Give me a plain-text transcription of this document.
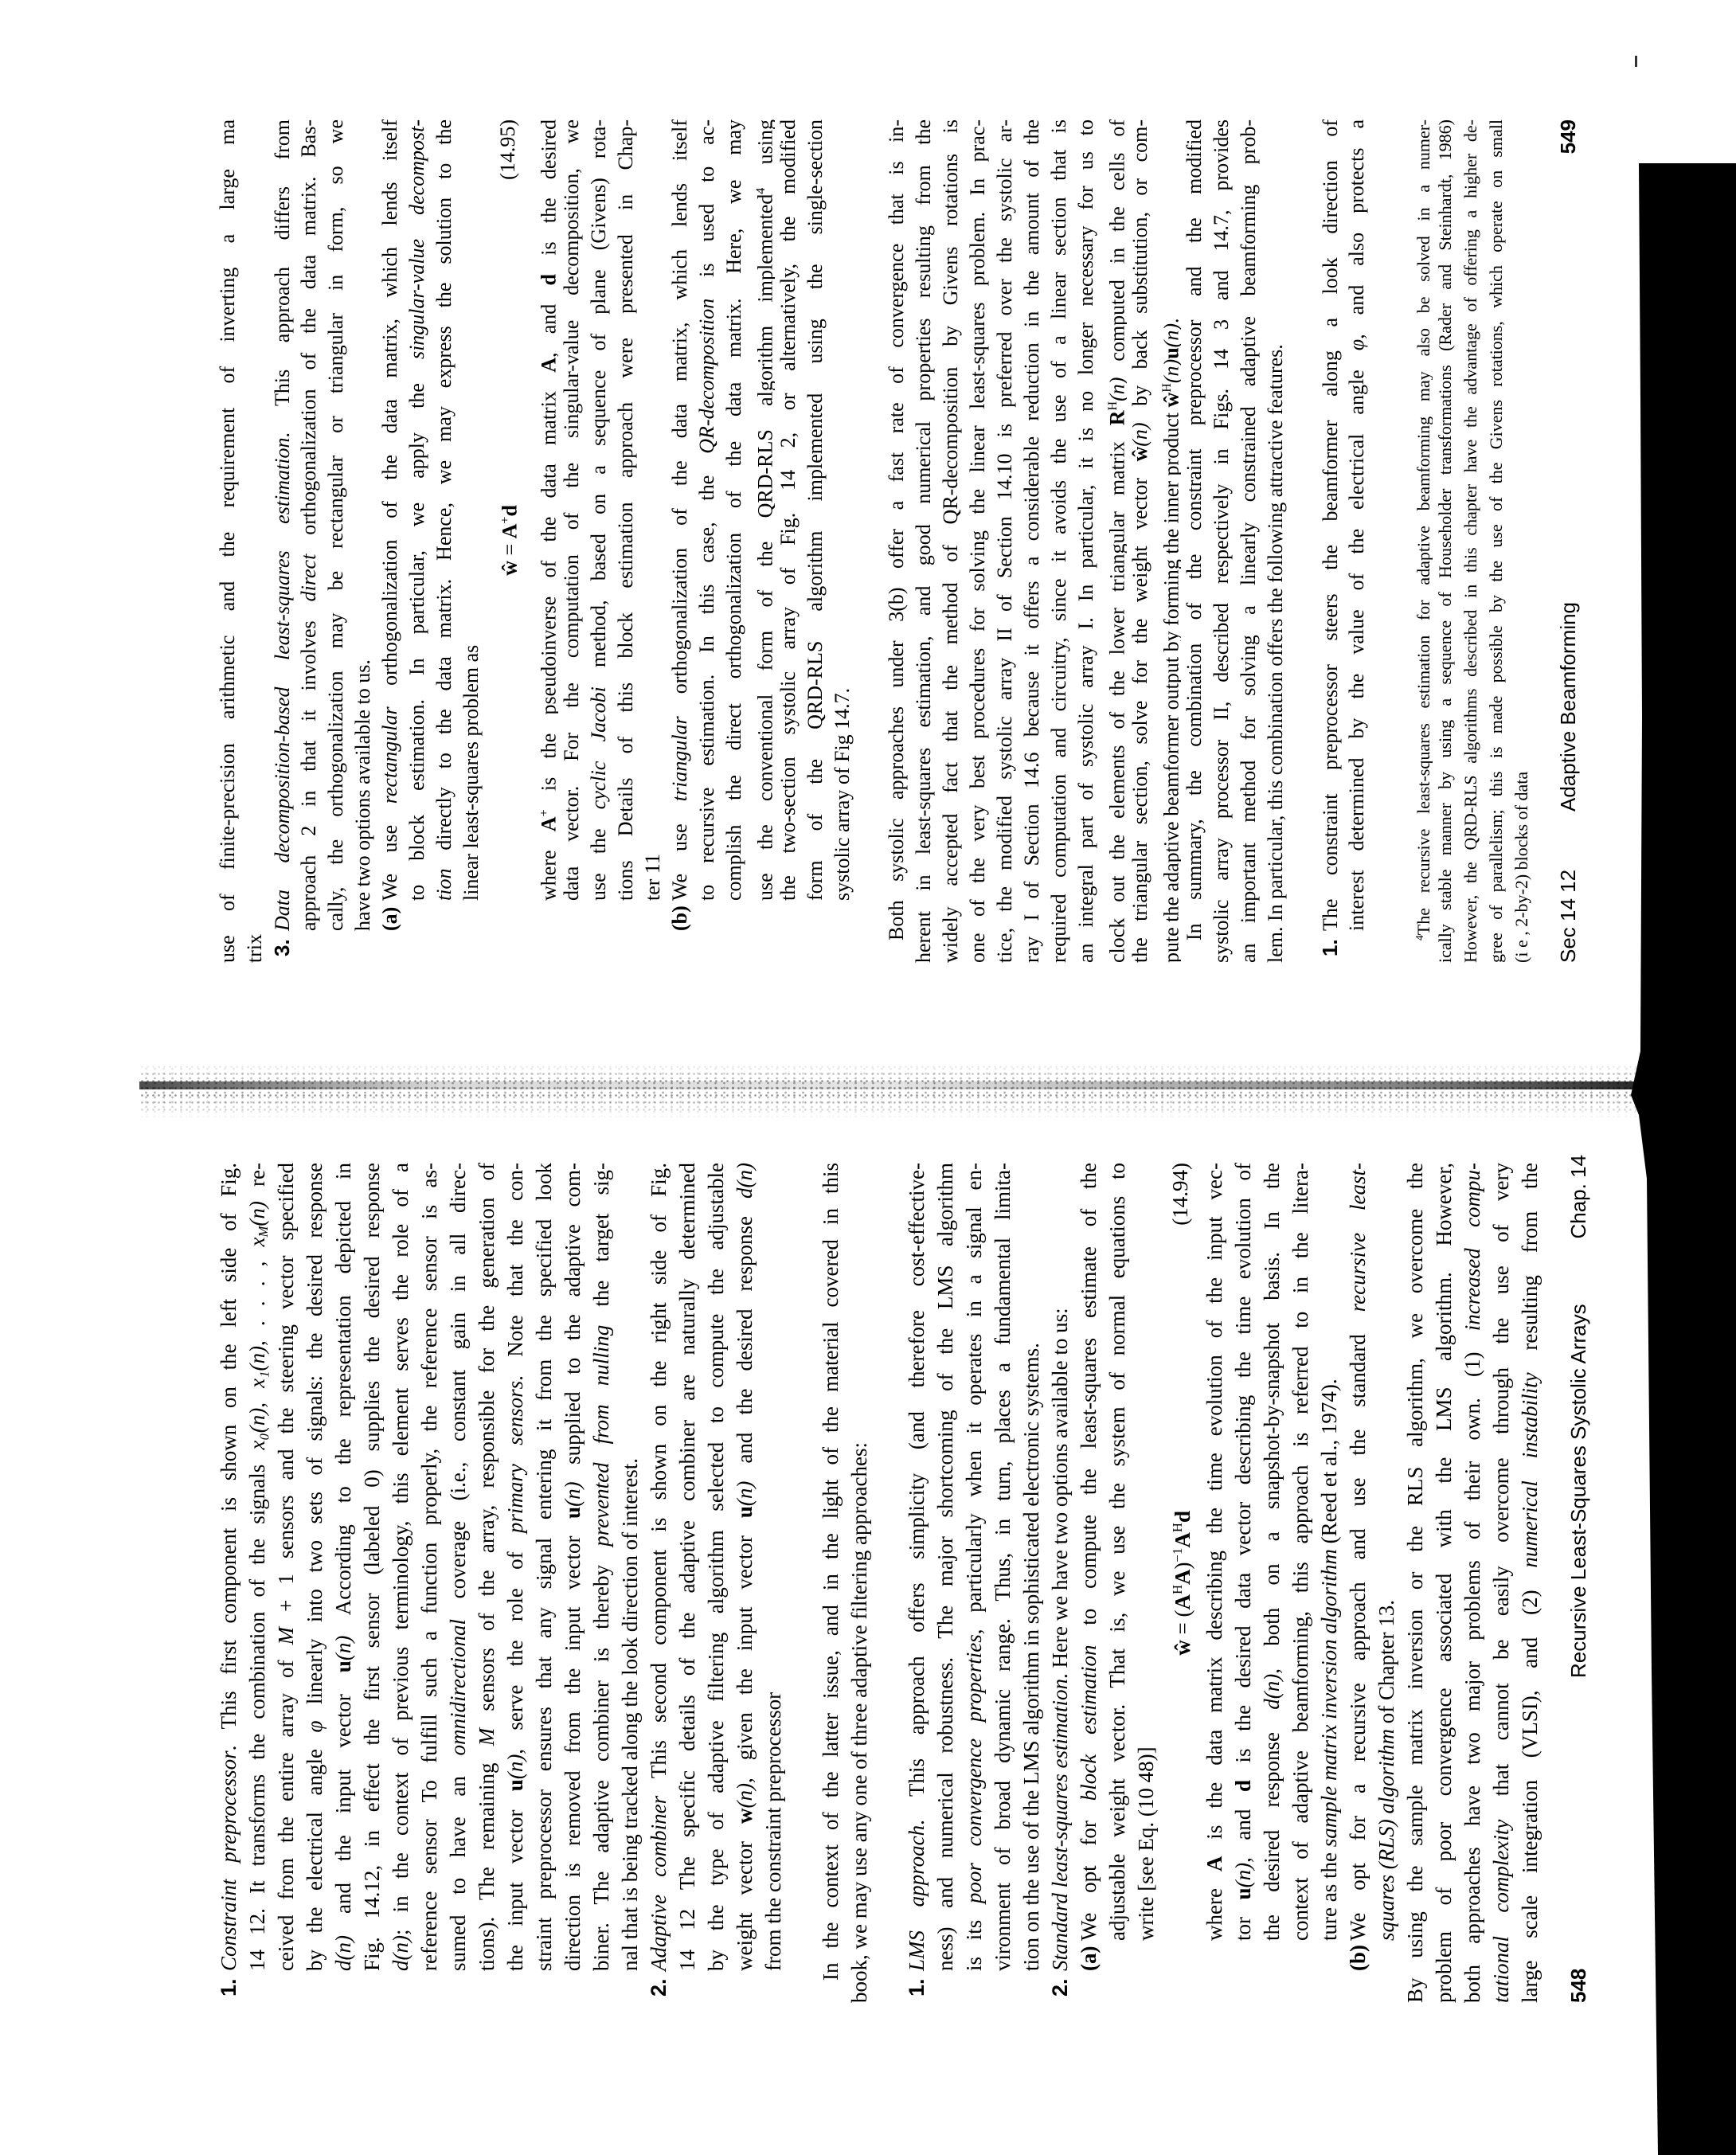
use of finite-precision arithmetic and the requirement of inverting a large ma trix 3.Data decomposition-based least-squares estimation. This approach differs from
approach 2 in that it involves direct orthogonalization of the data matrix. Bas- cally, the orthogonalization may be rectangular or triangular in form, so we have two options available to us. (a)We use rectangular orthogonalization of the data matrix, which lends itself to block estimation. In particular, we apply the singular-value decompost-
tion directly to the data matrix. Hence, we may express the solution to the linear least-squares problem as
ŵ = A+d
(14.95)
where A+ is the pseudoinverse of the data matrix A, and d is the desired data vector. For the computation of the singular-value decomposition, we use the cyclic Jacobi method, based on a sequence of plane (Givens) rota- tions Details of this block estimation approach were presented in Chap- ter 11
(b)We use triangular orthogonalization of the data matrix, which lends itself to recursive estimation. In this case, the QR-decomposition is used to ac- complish the direct orthogonalization of the data matrix. Here, we may use the conventional form of the QRD-RLS algorithm implemented4 using the two-section systolic array of Fig. 14 2, or alternatively, the modified form of the QRD-RLS algorithm implemented using the single-section systolic array of Fig 14.7. Both systolic approaches under 3(b) offer a fast rate of convergence that is in- herent in least-squares estimation, and good numerical properties resulting from the widely accepted fact that the method of QR-decomposition by Givens rotations is one of the very best procedures for solving the linear least-squares problem. In prac- tice, the modified systolic array II of Section 14.10 is preferred over the systolic ar- ray I of Section 14.6 because it offers a considerable reduction in the amount of the required computation and circuitry, since it avoids the use of a linear section that is an integral part of systolic array I. In particular, it is no longer necessary for us to clock out the elements of the lower triangular matrix RH(n) computed in the cells of
the triangular section, solve for the weight vector ŵ(n) by back substitution, or com-
pute the adaptive beamformer output by forming the inner product ŵH(n)u(n). In summary, the combination of the constraint preprocessor and the modified systolic array processor II, described respectively in Figs. 14 3 and 14.7, provides an important method for solving a linearly constrained adaptive beamforming prob- lem. In particular, this combination offers the following attractive features. 1.The constraint preprocessor steers the beamformer along a look direction of interest determined by the value of the electrical angle φ, and also protects a
4The recursive least-squares estimation for adaptive beamforming may also be solved in a numer- ically stable manner by using a sequence of Householder transformations (Rader and Steinhardt, 1986) However, the QRD-RLS algorithms described in this chapter have the advantage of offering a higher de- gree of parallelism; this is made possible by the use of the Givens rotations, which operate on small (i e , 2-by-2) blocks of data Sec 14 12
Adaptive Beamforming
549
1.Constraint preprocessor. This first component is shown on the left side of Fig. 14 12. It transforms the combination of the signals x₀(n), x₁(n), . . . , xM(n) re-
ceived from the entire array of M + 1 sensors and the steering vector specified
by the electrical angle φ linearly into two sets of signals: the desired response
d(n) and the input vector u(n) According to the representation depicted in Fig. 14.12, in effect the first sensor (labeled 0) supplies the desired response d(n); in the context of previous terminology, this element serves the role of a reference sensor To fulfill such a function properly, the reference sensor is as- sumed to have an omnidirectional coverage (i.e., constant gain in all direc-
tions). The remaining M sensors of the array, responsible for the generation of
the input vector u(n), serve the role of primary sensors. Note that the con- straint preprocessor ensures that any signal entering it from the specified look direction is removed from the input vector u(n) supplied to the adaptive com-
biner. The adaptive combiner is thereby prevented from nulling the target sig-
nal that is being tracked along the look direction of interest.
2.Adaptive combiner This second component is shown on the right side of Fig. 14 12 The specific details of the adaptive combiner are naturally determined by the type of adaptive filtering algorithm selected to compute the adjustable weight vector w(n), given the input vector u(n) and the desired response d(n)
from the constraint preprocessor In the context of the latter issue, and in the light of the material covered in this book, we may use any one of three adaptive filtering approaches: 1.LMS approach. This approach offers simplicity (and therefore cost-effective- ness) and numerical robustness. The major shortcoming of the LMS algorithm is its poor convergence properties, particularly when it operates in a signal en- vironment of broad dynamic range. Thus, in turn, places a fundamental limita- tion on the use of the LMS algorithm in sophisticated electronic systems.
2.Standard least-squares estimation. Here we have two options available to us:
(a)We opt for block estimation to compute the least-squares estimate of the adjustable weight vector. That is, we use the system of normal equations to write [see Eq. (10 48)]
ŵ = (AHA)−1AHd
(14.94)
where A is the data matrix describing the time evolution of the input vec-
tor u(n), and d is the desired data vector describing the time evolution of
the desired response d(n), both on a snapshot-by-snapshot basis. In the context of adaptive beamforming, this approach is referred to in the litera- ture as the sample matrix inversion algorithm (Reed et al., 1974).
(b)We opt for a recursive approach and use the standard recursive least-
squares (RLS) algorithm of Chapter 13. By using the sample matrix inversion or the RLS algorithm, we overcome the problem of poor convergence associated with the LMS algorithm. However, both approaches have two major problems of their own. (1) increased compu-
tational complexity that cannot be easily overcome through the use of very large scale integration (VLSI), and (2) numerical instability resulting from the
548
Recursive Least-Squares Systolic Arrays
Chap. 14
